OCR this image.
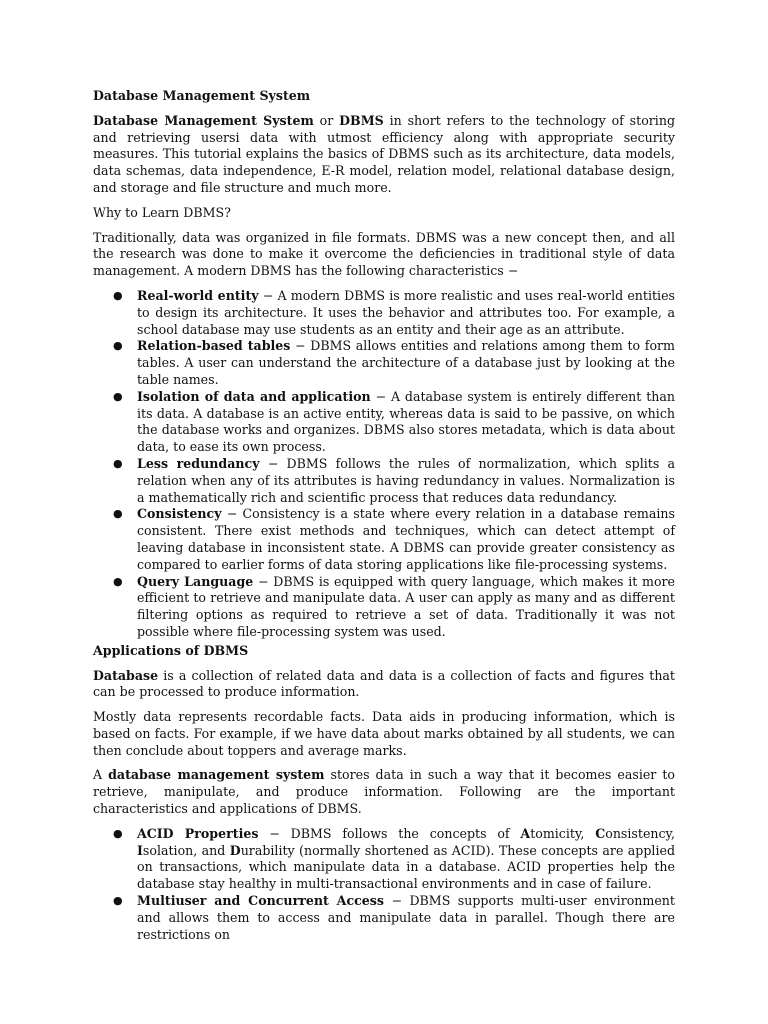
Database Management System

Database Management System or DBMS in short refers to the technology of storing and retrieving usersi data with utmost efficiency along with appropriate security measures. This tutorial explains the basics of DBMS such as its architecture, data models, data schemas, data independence, E-R model, relation model, relational database design, and storage and file structure and much more.

Why to Learn DBMS?

Traditionally, data was organized in file formats. DBMS was a new concept then, and all the research was done to make it overcome the deficiencies in traditional style of data management. A modern DBMS has the following characteristics −

● Real-world entity − A modern DBMS is more realistic and uses real-world entities to design its architecture. It uses the behavior and attributes too. For example, a school database may use students as an entity and their age as an attribute.
● Relation-based tables − DBMS allows entities and relations among them to form tables. A user can understand the architecture of a database just by looking at the table names.
● Isolation of data and application − A database system is entirely different than its data. A database is an active entity, whereas data is said to be passive, on which the database works and organizes. DBMS also stores metadata, which is data about data, to ease its own process.
● Less redundancy − DBMS follows the rules of normalization, which splits a relation when any of its attributes is having redundancy in values. Normalization is a mathematically rich and scientific process that reduces data redundancy.
● Consistency − Consistency is a state where every relation in a database remains consistent. There exist methods and techniques, which can detect attempt of leaving database in inconsistent state. A DBMS can provide greater consistency as compared to earlier forms of data storing applications like file-processing systems.
● Query Language − DBMS is equipped with query language, which makes it more efficient to retrieve and manipulate data. A user can apply as many and as different filtering options as required to retrieve a set of data. Traditionally it was not possible where file-processing system was used.

Applications of DBMS

Database is a collection of related data and data is a collection of facts and figures that can be processed to produce information.

Mostly data represents recordable facts. Data aids in producing information, which is based on facts. For example, if we have data about marks obtained by all students, we can then conclude about toppers and average marks.

A database management system stores data in such a way that it becomes easier to retrieve, manipulate, and produce information. Following are the important characteristics and applications of DBMS.

● ACID Properties − DBMS follows the concepts of Atomicity, Consistency, Isolation, and Durability (normally shortened as ACID). These concepts are applied on transactions, which manipulate data in a database. ACID properties help the database stay healthy in multi-transactional environments and in case of failure.
● Multiuser and Concurrent Access − DBMS supports multi-user environment and allows them to access and manipulate data in parallel. Though there are restrictions on
